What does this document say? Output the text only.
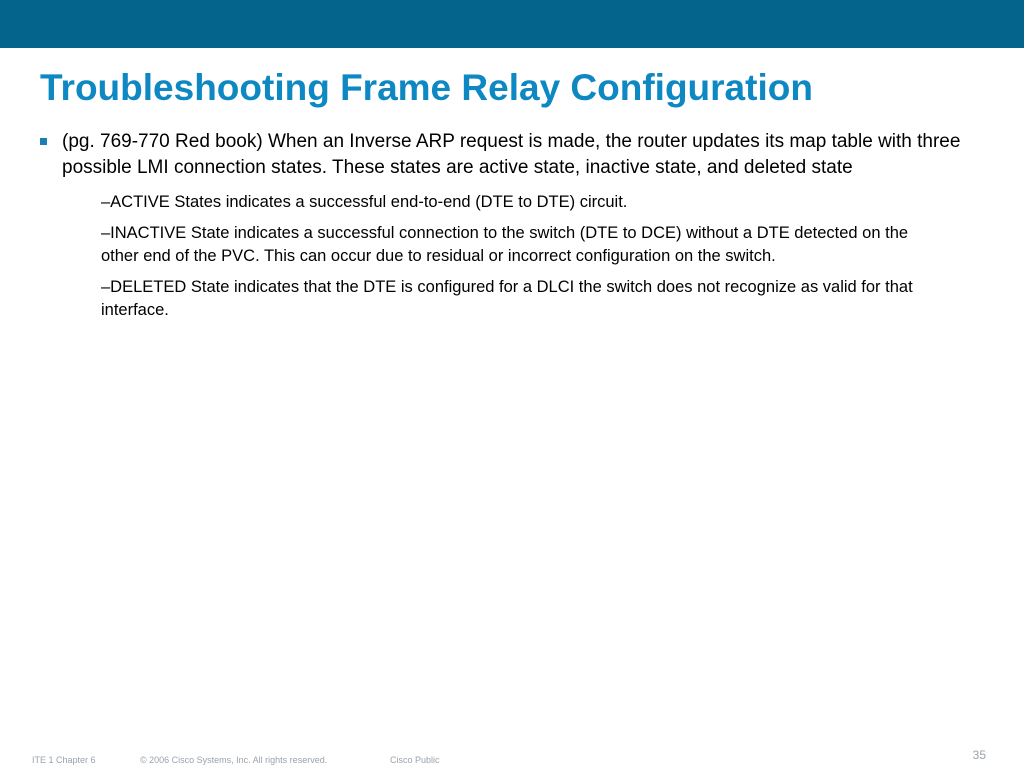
Troubleshooting Frame Relay Configuration
(pg. 769-770 Red book) When an Inverse ARP request is made, the router updates its map table with three possible LMI connection states. These states are active state, inactive state, and deleted state

–ACTIVE States indicates a successful end-to-end (DTE to DTE) circuit.

–INACTIVE State indicates a successful connection to the switch (DTE to DCE) without a DTE detected on the other end of the PVC. This can occur due to residual or incorrect configuration on the switch.

–DELETED State indicates that the DTE is configured for a DLCI the switch does not recognize as valid for that interface.

ITE 1 Chapter 6	© 2006 Cisco Systems, Inc. All rights reserved.	Cisco Public	35
